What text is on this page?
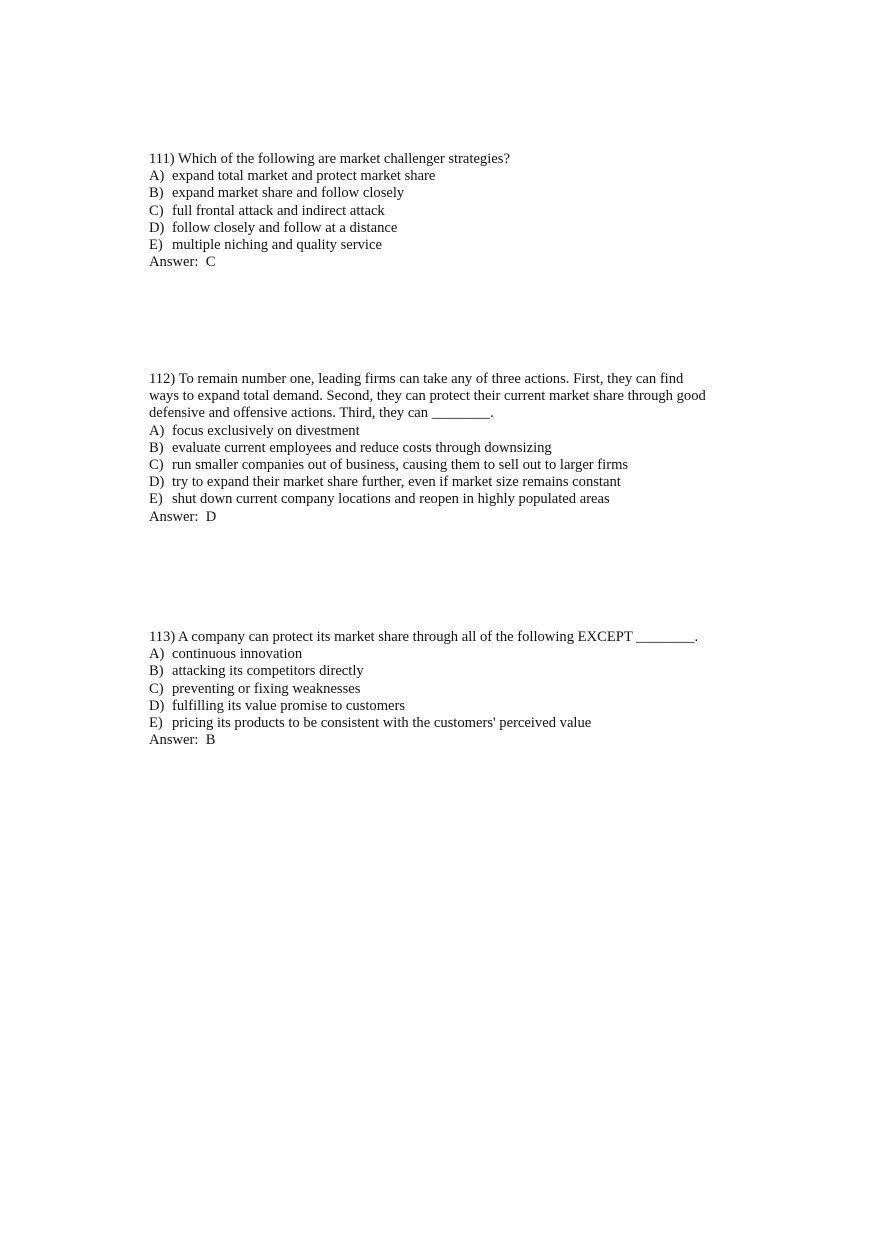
111) Which of the following are market challenger strategies?
A) expand total market and protect market share
B) expand market share and follow closely
C) full frontal attack and indirect attack
D) follow closely and follow at a distance
E) multiple niching and quality service
Answer: C
112) To remain number one, leading firms can take any of three actions. First, they can find
ways to expand total demand. Second, they can protect their current market share through good
defensive and offensive actions. Third, they can ________.
A) focus exclusively on divestment
B) evaluate current employees and reduce costs through downsizing
C) run smaller companies out of business, causing them to sell out to larger firms
D) try to expand their market share further, even if market size remains constant
E) shut down current company locations and reopen in highly populated areas
Answer: D
113) A company can protect its market share through all of the following EXCEPT ________.
A) continuous innovation
B) attacking its competitors directly
C) preventing or fixing weaknesses
D) fulfilling its value promise to customers
E) pricing its products to be consistent with the customers' perceived value
Answer: B
